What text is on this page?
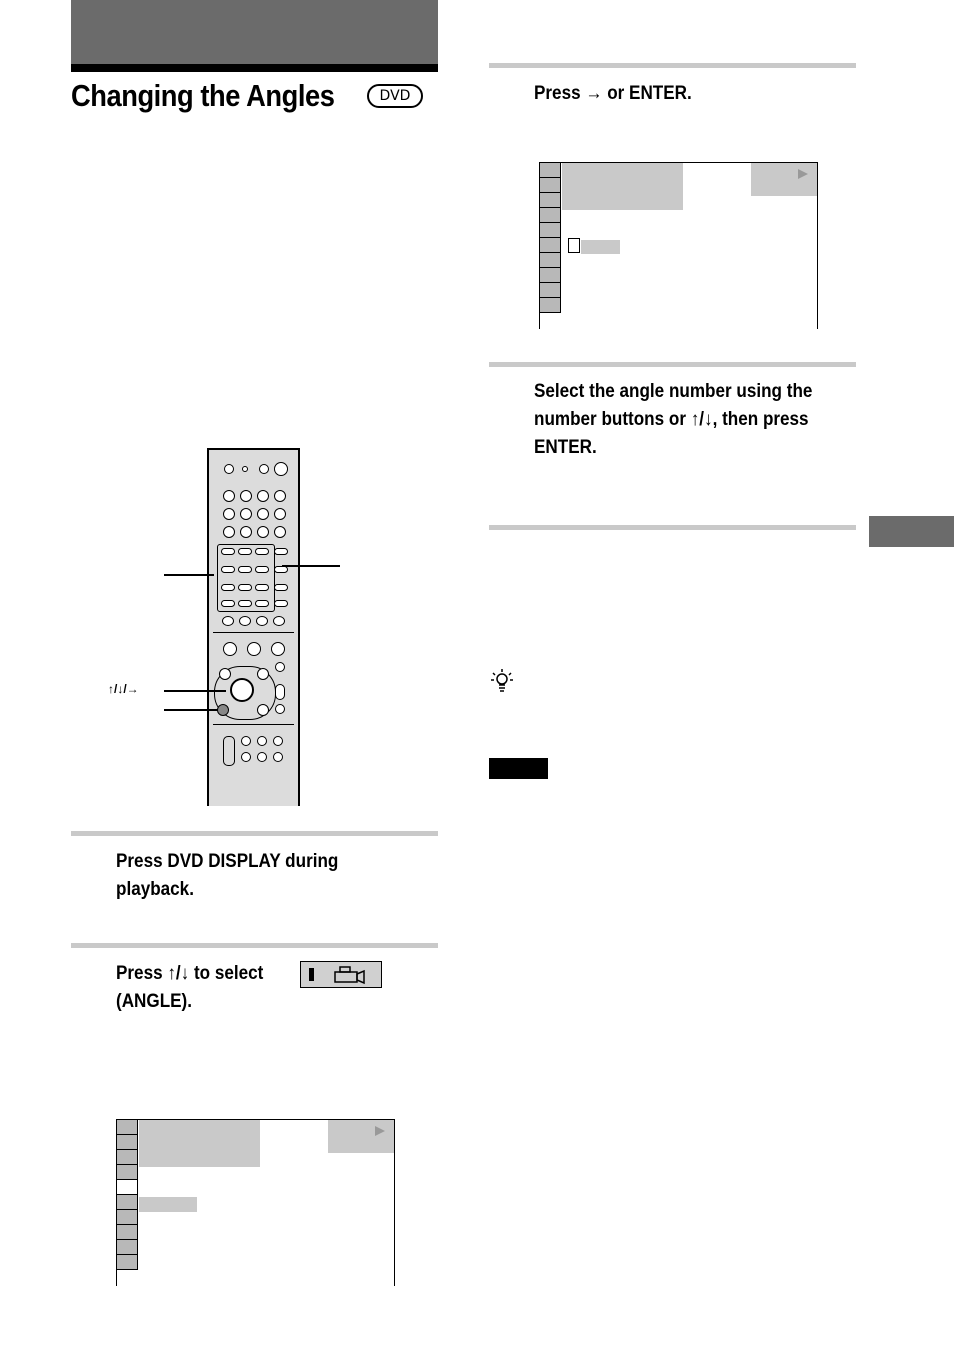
Changing the Angles	DVD
↑/↓/→
Press DVD DISPLAY during playback.
Press ↑/↓ to select
(ANGLE).
Press → or ENTER.
Select the angle number using the number buttons or ↑/↓, then press ENTER.
